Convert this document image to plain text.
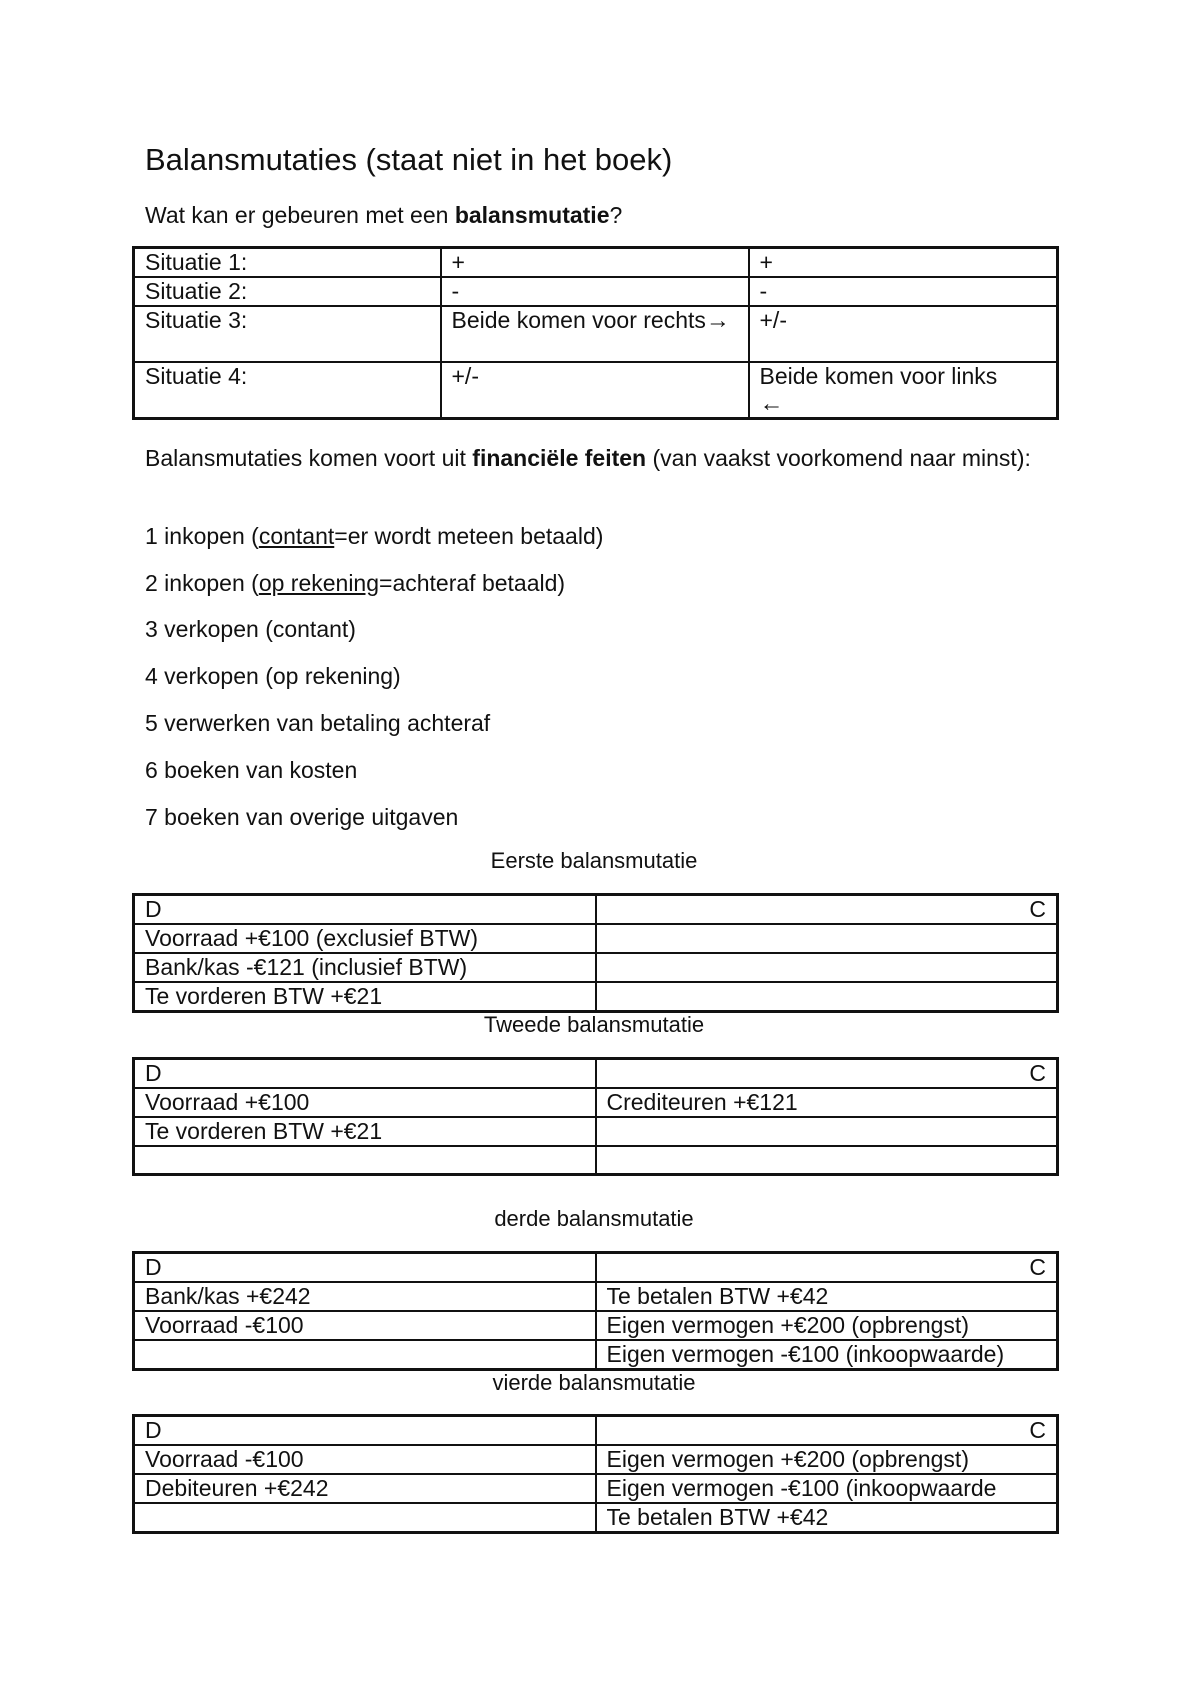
Balansmutaties (staat niet in het boek)

Wat kan er gebeuren met een balansmutatie?

Situatie 1:	+	+
Situatie 2:	-	-
Situatie 3:	Beide komen voor rechts→	+/-
Situatie 4:	+/-	Beide komen voor links
←

Balansmutaties komen voort uit financiële feiten (van vaakst voorkomend naar minst):

1 inkopen (contant=er wordt meteen betaald)

2 inkopen (op rekening=achteraf betaald)

3 verkopen (contant)

4 verkopen (op rekening)

5 verwerken van betaling achteraf

6 boeken van kosten

7 boeken van overige uitgaven

Eerste balansmutatie

D	C
Voorraad +€100 (exclusief BTW)	
Bank/kas -€121 (inclusief BTW)	
Te vorderen BTW +€21	

Tweede balansmutatie

D	C
Voorraad +€100	Crediteuren +€121
Te vorderen BTW +€21	

derde balansmutatie

D	C
Bank/kas +€242	Te betalen BTW +€42
Voorraad -€100	Eigen vermogen +€200 (opbrengst)
	Eigen vermogen -€100 (inkoopwaarde)

vierde balansmutatie

D	C
Voorraad -€100	Eigen vermogen +€200 (opbrengst)
Debiteuren +€242	Eigen vermogen -€100 (inkoopwaarde
	Te betalen BTW +€42
